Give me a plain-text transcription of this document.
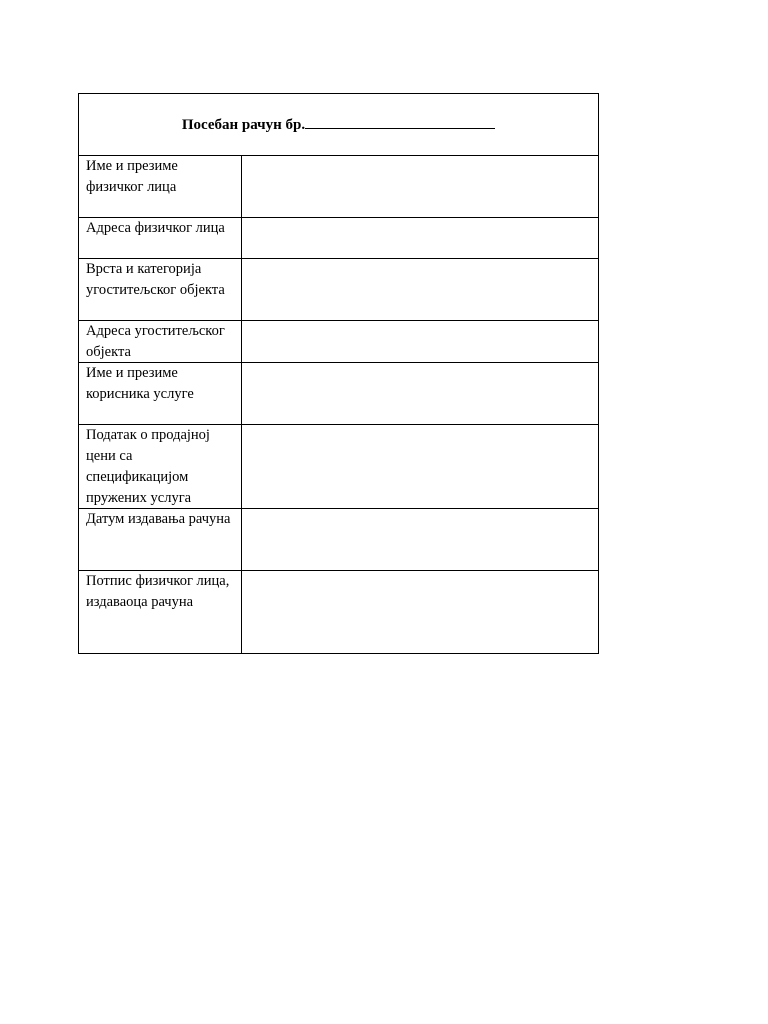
Посебан рачун бр.	
Име и презиме физичког лица	
Адреса физичког лица	
Врста и категорија угоститељског објекта	
Адреса угоститељског објекта	
Име и презиме корисника услуге	
Податак о продајној цени са спецификацијом пружених услуга	
Датум издавања рачуна	
Потпис физичког лица, издаваоца рачуна	
